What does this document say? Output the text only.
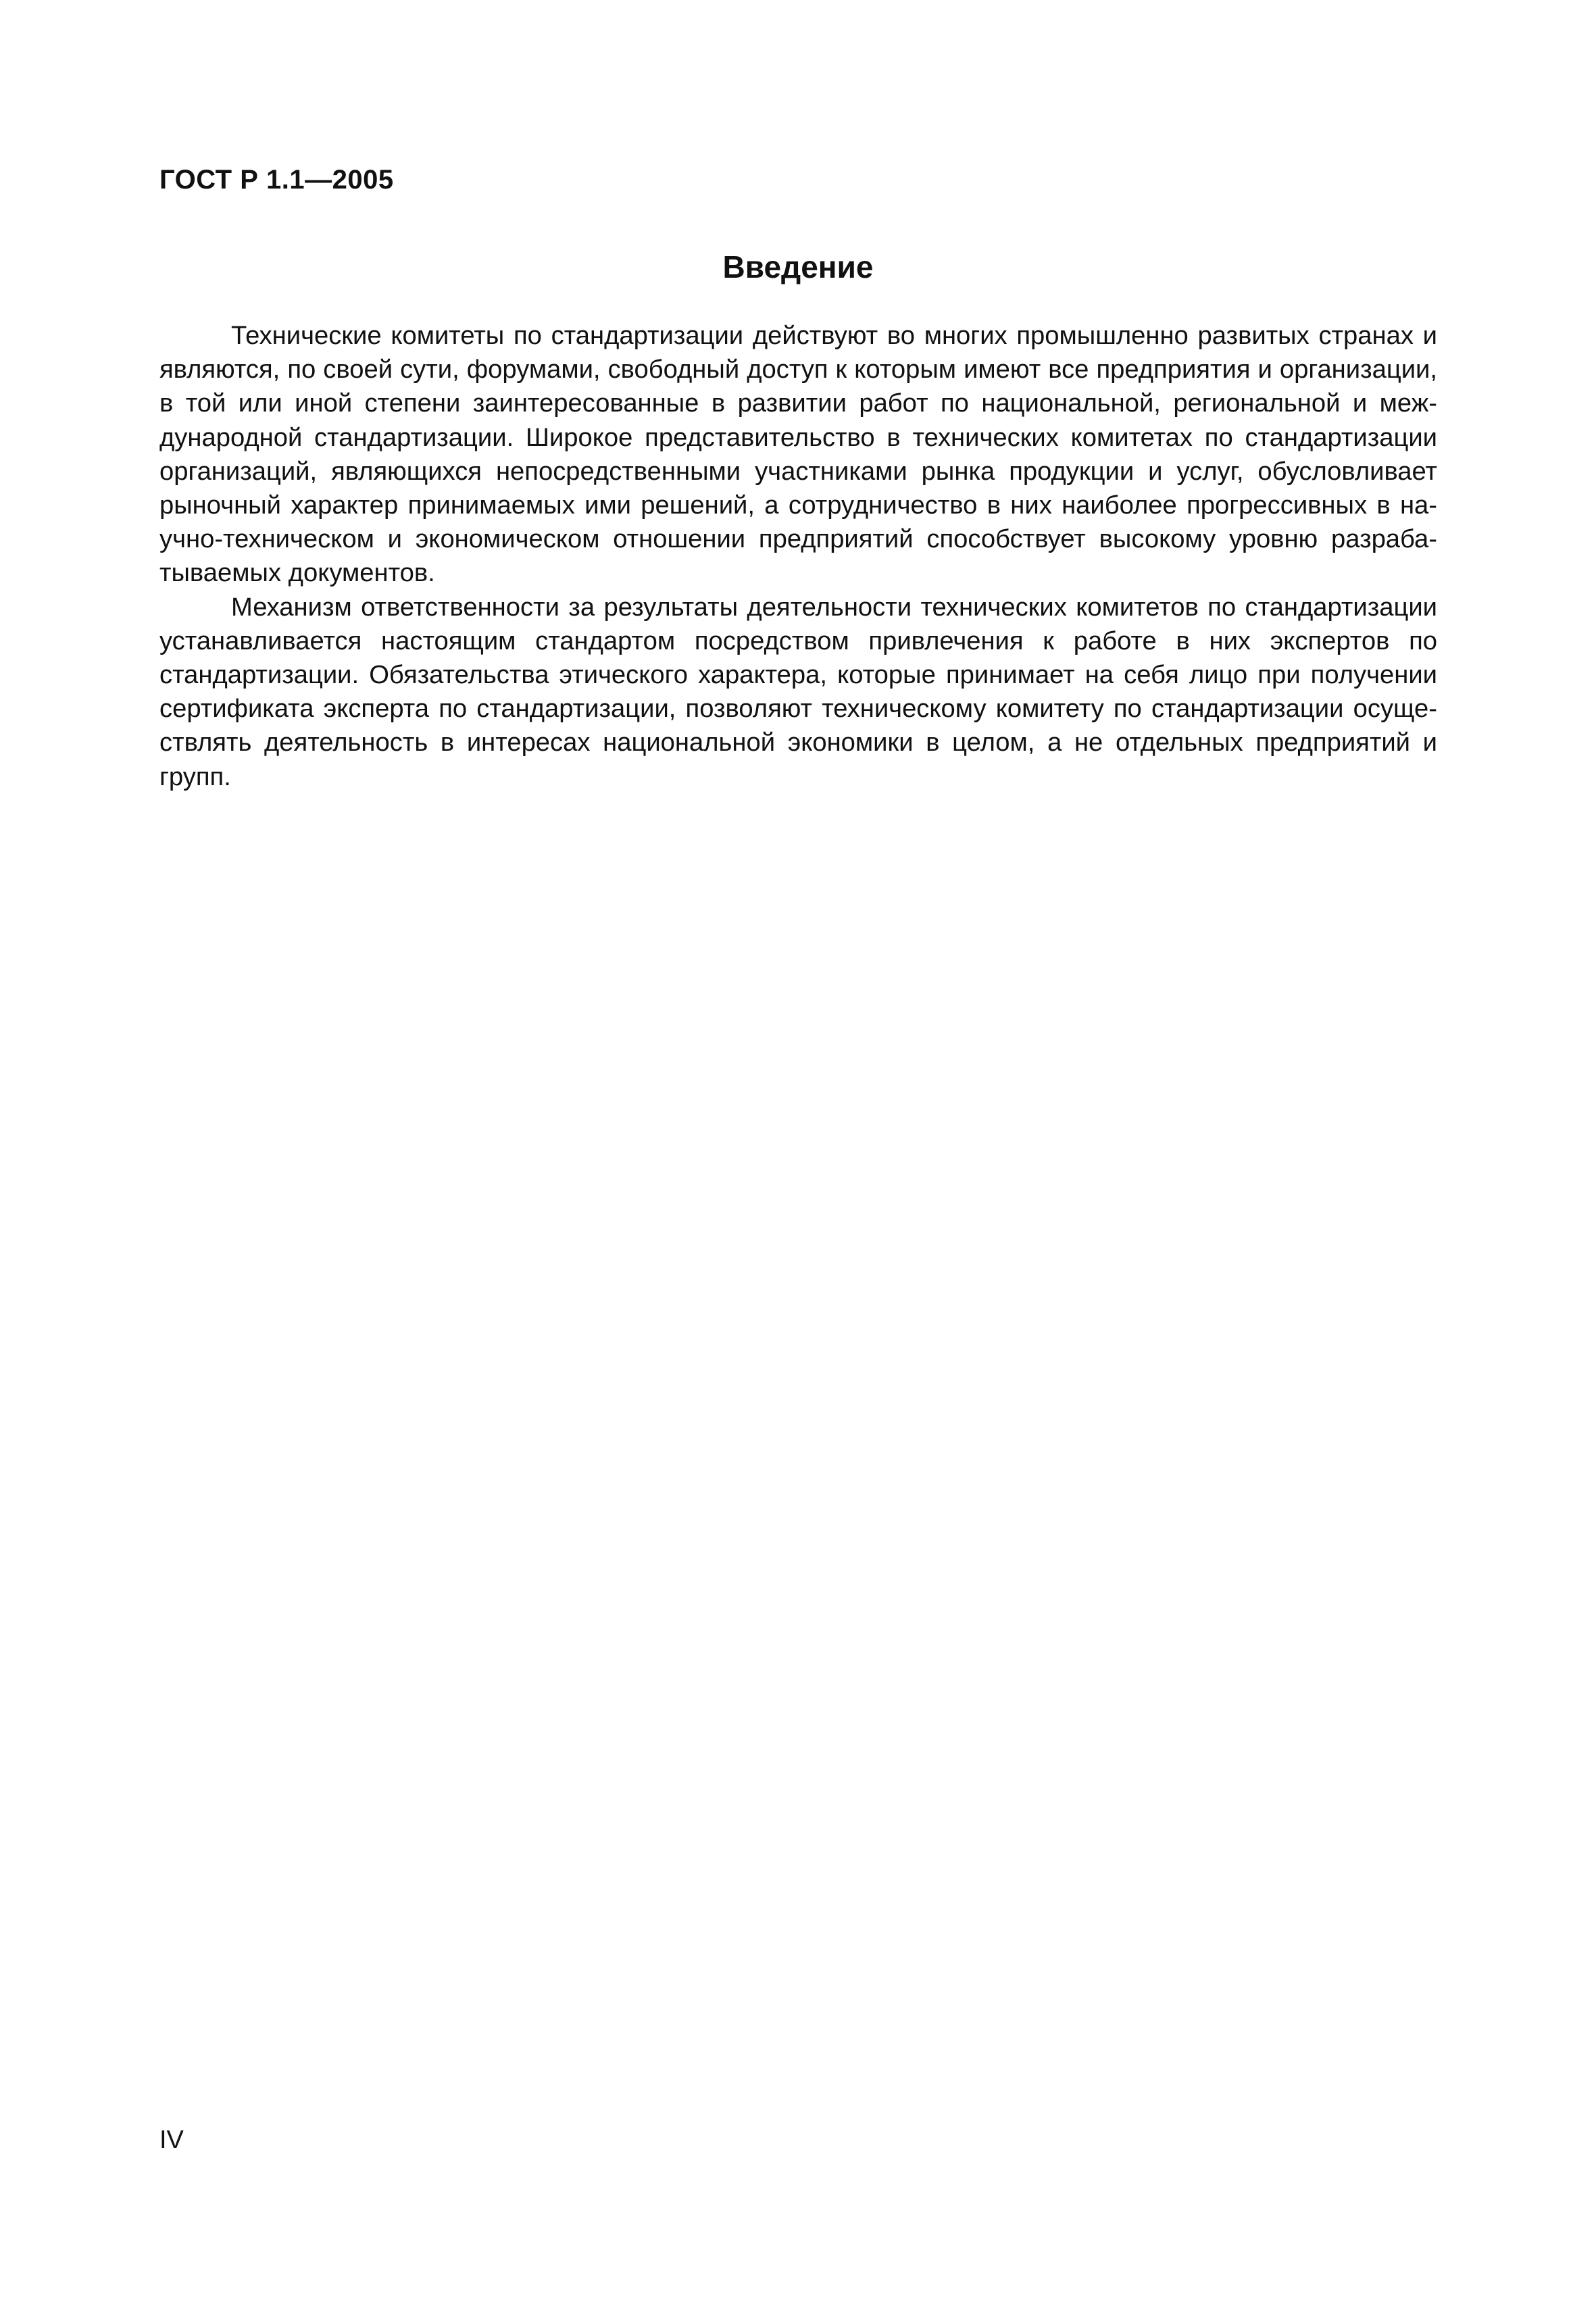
ГОСТ Р 1.1—2005
Введение

Технические комитеты по стандартизации действуют во многих промышленно развитых странах и являются, по своей сути, форумами, свободный доступ к которым имеют все предприятия и организации, в той или иной степени заинтересованные в развитии работ по национальной, региональной и международной стандартизации. Широкое представительство в технических комитетах по стандартизации организаций, являющихся непосредственными участниками рынка продукции и услуг, обусловливает рыночный характер принимаемых ими решений, а сотрудничество в них наиболее прогрессивных в научно-техническом и экономическом отношении предприятий способствует высокому уровню разрабатываемых документов.

Механизм ответственности за результаты деятельности технических комитетов по стандартизации устанавливается настоящим стандартом посредством привлечения к работе в них экспертов по стандартизации. Обязательства этического характера, которые принимает на себя лицо при получении сертификата эксперта по стандартизации, позволяют техническому комитету по стандартизации осуществлять деятельность в интересах национальной экономики в целом, а не отдельных предприятий и групп.

IV
